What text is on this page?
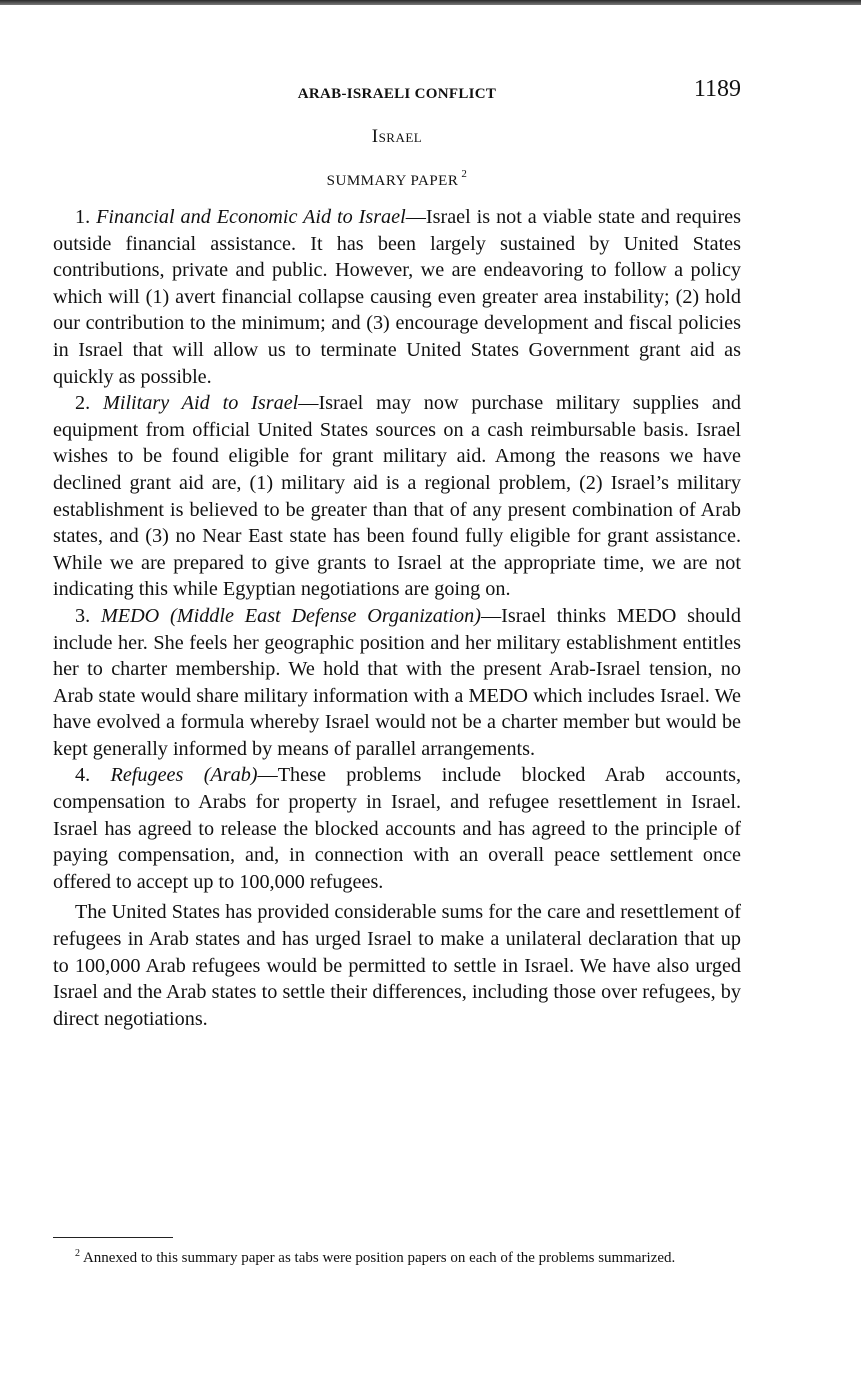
ARAB-ISRAELI CONFLICT	1189
Israel
SUMMARY PAPER $^2$

1. Financial and Economic Aid to Israel—Israel is not a viable state and requires outside financial assistance. It has been largely sustained by United States contributions, private and public. However, we are endeavoring to follow a policy which will (1) avert financial collapse causing even greater area instability; (2) hold our contribution to the minimum; and (3) encourage development and fiscal policies in Israel that will allow us to terminate United States Government grant aid as quickly as possible.

2. Military Aid to Israel—Israel may now purchase military supplies and equipment from official United States sources on a cash reimbursable basis. Israel wishes to be found eligible for grant military aid. Among the reasons we have declined grant aid are, (1) military aid is a regional problem, (2) Israel’s military establishment is believed to be greater than that of any present combination of Arab states, and (3) no Near East state has been found fully eligible for grant assistance. While we are prepared to give grants to Israel at the appropriate time, we are not indicating this while Egyptian negotiations are going on.

3. MEDO (Middle East Defense Organization)—Israel thinks MEDO should include her. She feels her geographic position and her military establishment entitles her to charter membership. We hold that with the present Arab-Israel tension, no Arab state would share military information with a MEDO which includes Israel. We have evolved a formula whereby Israel would not be a charter member but would be kept generally informed by means of parallel arrangements.

4. Refugees (Arab)—These problems include blocked Arab accounts, compensation to Arabs for property in Israel, and refugee resettlement in Israel. Israel has agreed to release the blocked accounts and has agreed to the principle of paying compensation, and, in connection with an overall peace settlement once offered to accept up to 100,000 refugees.

The United States has provided considerable sums for the care and resettlement of refugees in Arab states and has urged Israel to make a unilateral declaration that up to 100,000 Arab refugees would be permitted to settle in Israel. We have also urged Israel and the Arab states to settle their differences, including those over refugees, by direct negotiations.

$^2$ Annexed to this summary paper as tabs were position papers on each of the problems summarized.
